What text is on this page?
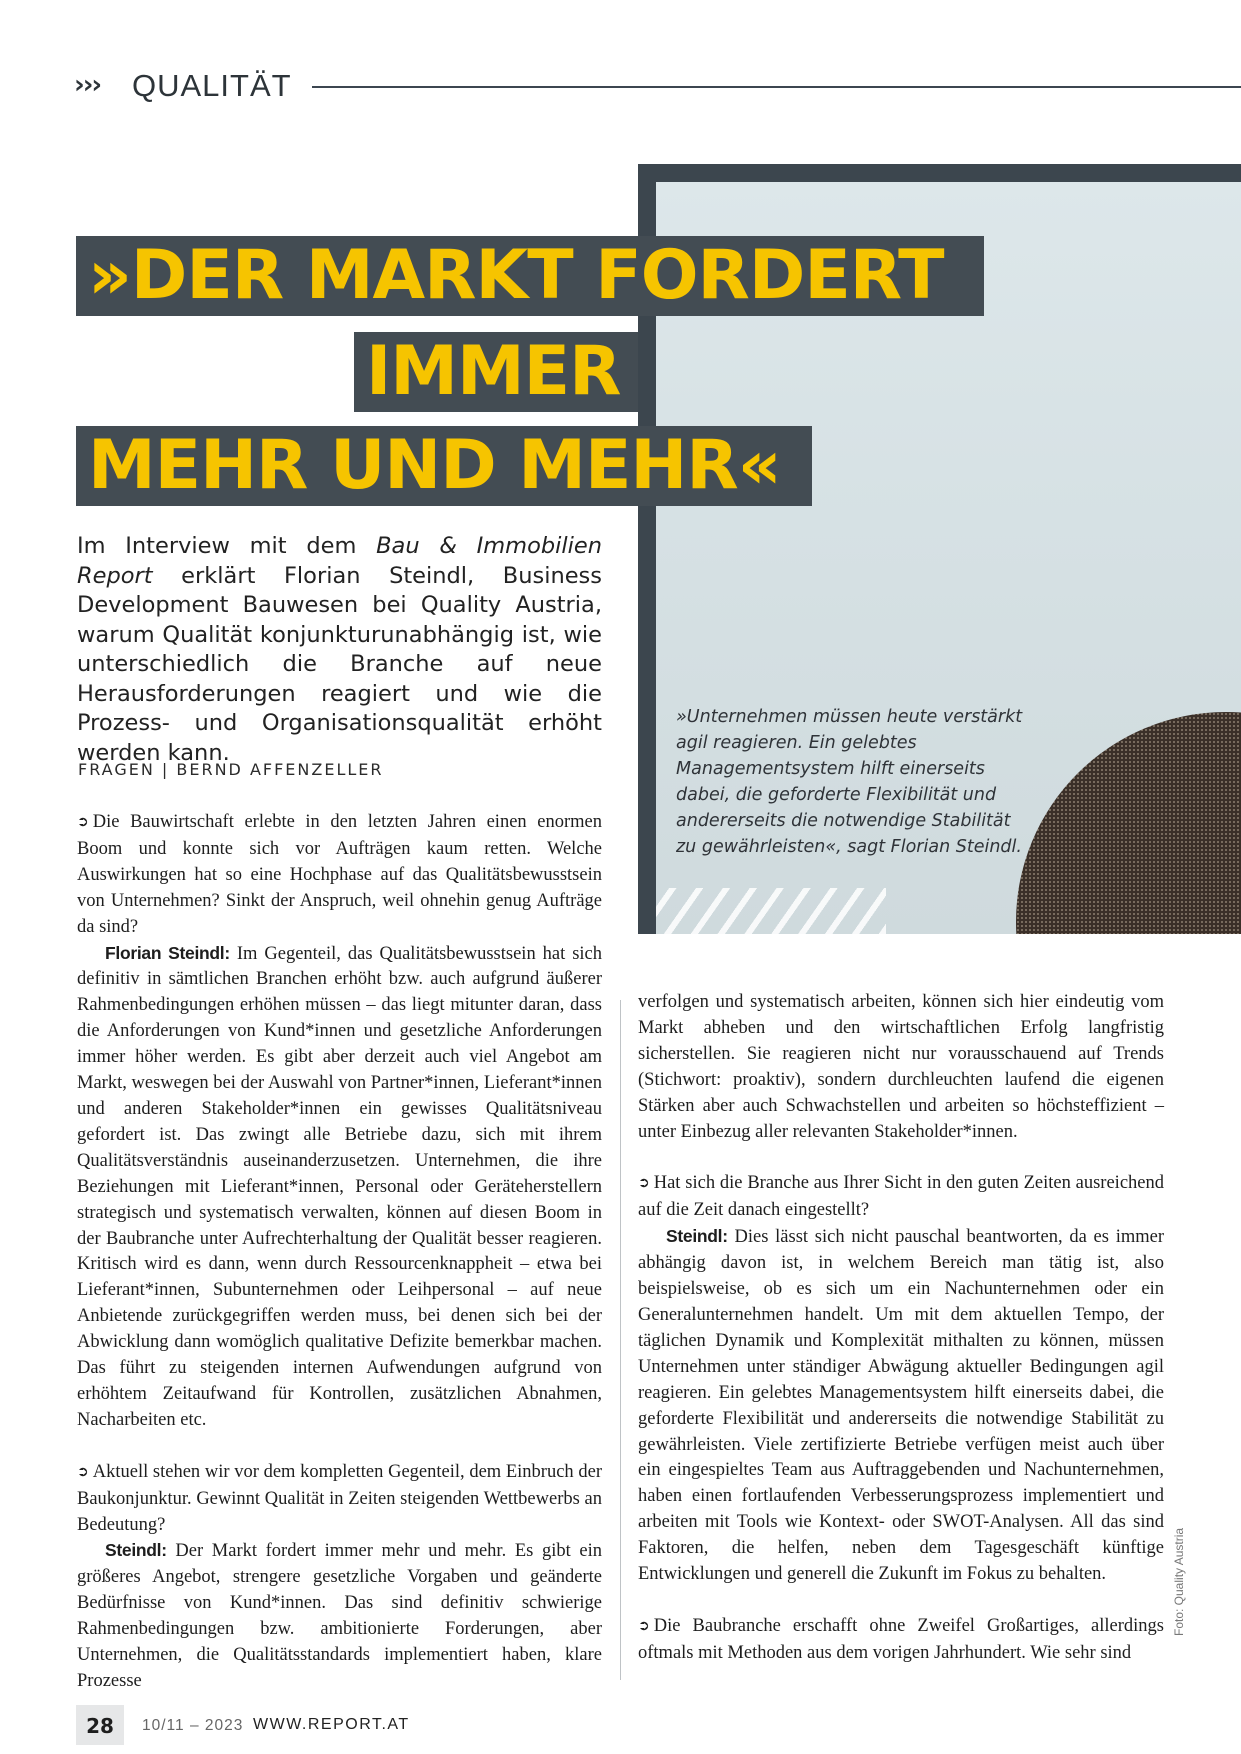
››› QUALITÄT
»Unternehmen müssen heute verstärkt agil reagieren. Ein gelebtes Managementsystem hilft einerseits dabei, die geforderte Flexibilität und andererseits die notwendige Stabilität zu gewährleisten«, sagt Florian Steindl.
»DER MARKT FORDERT
IMMER
MEHR UND MEHR«
Im Interview mit dem Bau & Immobilien Report erklärt Florian Steindl, Business Development Bauwesen bei Quality Austria, warum Qualität konjunkturunabhängig ist, wie unterschiedlich die Branche auf neue Herausforderungen reagiert und wie die Prozess- und Organisationsqualität erhöht werden kann.
FRAGEN | BERND AFFENZELLER

➲ Die Bauwirtschaft erlebte in den letzten Jahren einen enormen Boom und konnte sich vor Aufträgen kaum retten. Welche Auswirkungen hat so eine Hochphase auf das Qualitätsbewusstsein von Unternehmen? Sinkt der Anspruch, weil ohnehin genug Aufträge da sind?

Florian Steindl: Im Gegenteil, das Qualitätsbewusstsein hat sich definitiv in sämtlichen Branchen erhöht bzw. auch aufgrund äußerer Rahmenbedingungen erhöhen müssen – das liegt mitunter daran, dass die Anforderungen von Kund*innen und gesetzliche Anforderungen immer höher werden. Es gibt aber derzeit auch viel Angebot am Markt, weswegen bei der Auswahl von Partner*innen, Lieferant*innen und anderen Stakeholder*innen ein gewisses Qualitätsniveau gefordert ist. Das zwingt alle Betriebe dazu, sich mit ihrem Qualitätsverständnis auseinanderzusetzen. Unternehmen, die ihre Beziehungen mit Lieferant*innen, Personal oder Geräteherstellern strategisch und systematisch verwalten, können auf diesen Boom in der Baubranche unter Aufrechterhaltung der Qualität besser reagieren. Kritisch wird es dann, wenn durch Ressourcenknappheit – etwa bei Lieferant*innen, Subunternehmen oder Leihpersonal – auf neue Anbietende zurückgegriffen werden muss, bei denen sich bei der Abwicklung dann womöglich qualitative Defizite bemerkbar machen. Das führt zu steigenden internen Aufwendungen aufgrund von erhöhtem Zeitaufwand für Kontrollen, zusätzlichen Abnahmen, Nacharbeiten etc.

➲ Aktuell stehen wir vor dem kompletten Gegenteil, dem Einbruch der Baukonjunktur. Gewinnt Qualität in Zeiten steigenden Wettbewerbs an Bedeutung?

Steindl: Der Markt fordert immer mehr und mehr. Es gibt ein größeres Angebot, strengere gesetzliche Vorgaben und geänderte Bedürfnisse von Kund*innen. Das sind definitiv schwierige Rahmenbedingungen bzw. ambitionierte Forderungen, aber Unternehmen, die Qualitätsstandards implementiert haben, klare Prozesse

verfolgen und systematisch arbeiten, können sich hier eindeutig vom Markt abheben und den wirtschaftlichen Erfolg langfristig sicherstellen. Sie reagieren nicht nur vorausschauend auf Trends (Stichwort: proaktiv), sondern durchleuchten laufend die eigenen Stärken aber auch Schwachstellen und arbeiten so höchsteffizient – unter Einbezug aller relevanten Stakeholder*innen.

➲ Hat sich die Branche aus Ihrer Sicht in den guten Zeiten ausreichend auf die Zeit danach eingestellt?

Steindl: Dies lässt sich nicht pauschal beantworten, da es immer abhängig davon ist, in welchem Bereich man tätig ist, also beispielsweise, ob es sich um ein Nachunternehmen oder ein Generalunternehmen handelt. Um mit dem aktuellen Tempo, der täglichen Dynamik und Komplexität mithalten zu können, müssen Unternehmen unter ständiger Abwägung aktueller Bedingungen agil reagieren. Ein gelebtes Managementsystem hilft einerseits dabei, die geforderte Flexibilität und andererseits die notwendige Stabilität zu gewährleisten. Viele zertifizierte Betriebe verfügen meist auch über ein eingespieltes Team aus Auftraggebenden und Nachunternehmen, haben einen fortlaufenden Verbesserungsprozess implementiert und arbeiten mit Tools wie Kontext- oder SWOT-Analysen. All das sind Faktoren, die helfen, neben dem Tagesgeschäft künftige Entwicklungen und generell die Zukunft im Fokus zu behalten.

➲ Die Baubranche erschafft ohne Zweifel Großartiges, allerdings oftmals mit Methoden aus dem vorigen Jahrhundert. Wie sehr sind

Foto: Quality Austria
28	10/11 – 2023 WWW.REPORT.AT
